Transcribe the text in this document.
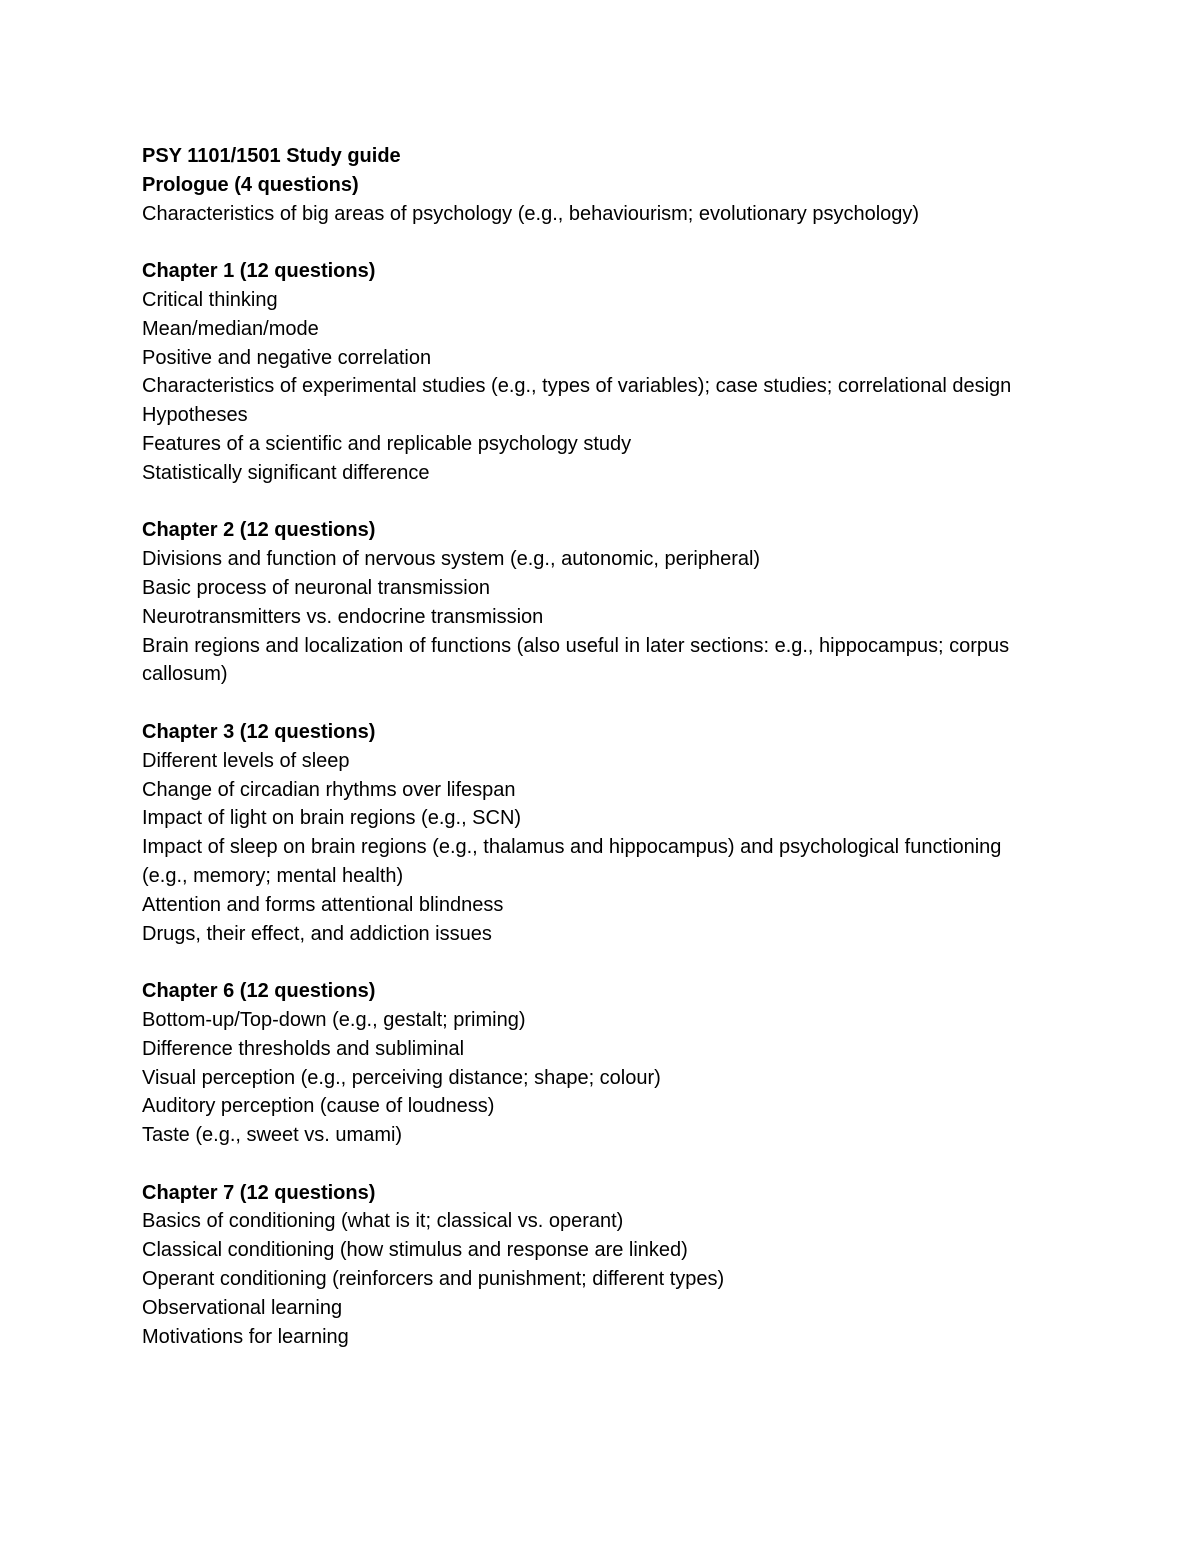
PSY 1101/1501 Study guide
Prologue (4 questions)
Characteristics of big areas of psychology (e.g., behaviourism; evolutionary psychology)
Chapter 1 (12 questions)
Critical thinking
Mean/median/mode
Positive and negative correlation
Characteristics of experimental studies (e.g., types of variables); case studies; correlational design
Hypotheses
Features of a scientific and replicable psychology study
Statistically significant difference
Chapter 2 (12 questions)
Divisions and function of nervous system (e.g., autonomic, peripheral)
Basic process of neuronal transmission
Neurotransmitters vs. endocrine transmission
Brain regions and localization of functions (also useful in later sections: e.g., hippocampus; corpus callosum)
Chapter 3 (12 questions)
Different levels of sleep
Change of circadian rhythms over lifespan
Impact of light on brain regions (e.g., SCN)
Impact of sleep on brain regions (e.g., thalamus and hippocampus) and psychological functioning (e.g., memory; mental health)
Attention and forms attentional blindness
Drugs, their effect, and addiction issues
Chapter 6 (12 questions)
Bottom-up/Top-down (e.g., gestalt; priming)
Difference thresholds and subliminal
Visual perception (e.g., perceiving distance; shape; colour)
Auditory perception (cause of loudness)
Taste (e.g., sweet vs. umami)
Chapter 7 (12 questions)
Basics of conditioning (what is it; classical vs. operant)
Classical conditioning (how stimulus and response are linked)
Operant conditioning (reinforcers and punishment; different types)
Observational learning
Motivations for learning
